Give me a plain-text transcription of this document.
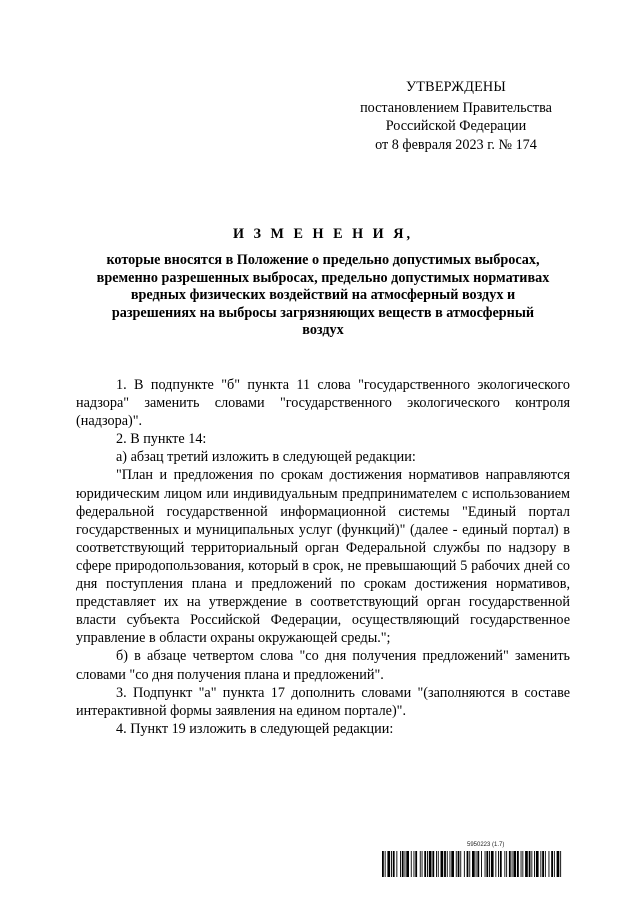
УТВЕРЖДЕНЫ
постановлением Правительства
Российской Федерации
от 8 февраля 2023 г. № 174
И З М Е Н Е Н И Я,
которые вносятся в Положение о предельно допустимых выбросах, временно разрешенных выбросах, предельно допустимых нормативах вредных физических воздействий на атмосферный воздух и разрешениях на выбросы загрязняющих веществ в атмосферный воздух

1. В подпункте "б" пункта 11 слова "государственного экологического надзора" заменить словами "государственного экологического контроля (надзора)".

2. В пункте 14:

а) абзац третий изложить в следующей редакции:

"План и предложения по срокам достижения нормативов направляются юридическим лицом или индивидуальным предпринимателем с использованием федеральной государственной информационной системы "Единый портал государственных и муниципальных услуг (функций)" (далее - единый портал) в соответствующий территориальный орган Федеральной службы по надзору в сфере природопользования, который в срок, не превышающий 5 рабочих дней со дня поступления плана и предложений по срокам достижения нормативов, представляет их на утверждение в соответствующий орган государственной власти субъекта Российской Федерации, осуществляющий государственное управление в области охраны окружающей среды.";

б) в абзаце четвертом слова "со дня получения предложений" заменить словами "со дня получения плана и предложений".

3. Подпункт "а" пункта 17 дополнить словами "(заполняются в составе интерактивной формы заявления на едином портале)".

4. Пункт 19 изложить в следующей редакции:

5950223 (1.7)
